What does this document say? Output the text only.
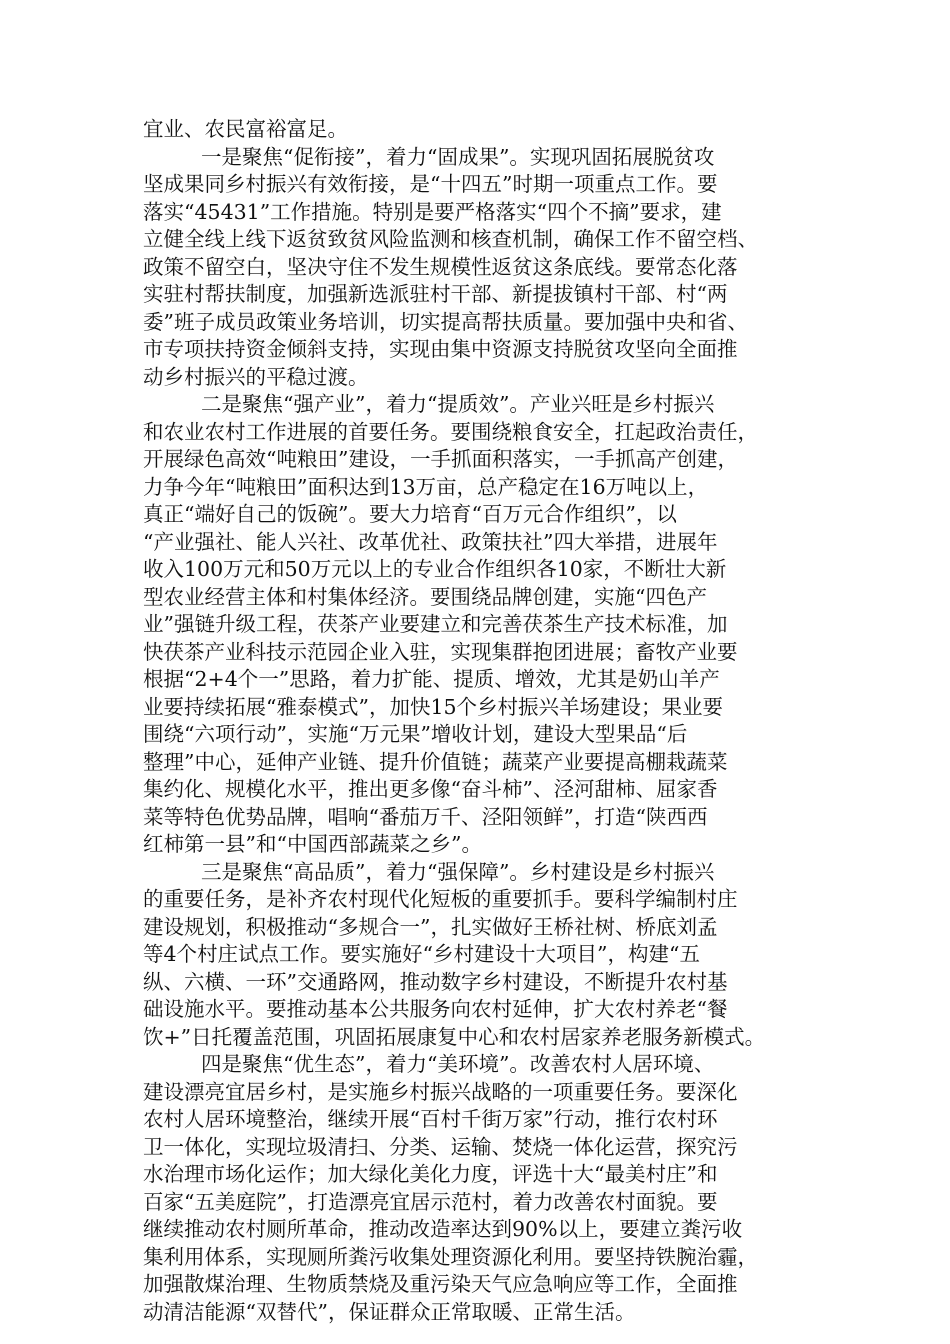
宜业、农民富裕富足。
一是聚焦“促衔接”，着力“固成果”。实现巩固拓展脱贫攻
坚成果同乡村振兴有效衔接，是“十四五”时期一项重点工作。要
落实“45431”工作措施。特别是要严格落实“四个不摘”要求，建
立健全线上线下返贫致贫风险监测和核查机制，确保工作不留空档、
政策不留空白，坚决守住不发生规模性返贫这条底线。要常态化落
实驻村帮扶制度，加强新选派驻村干部、新提拔镇村干部、村“两
委”班子成员政策业务培训，切实提高帮扶质量。要加强中央和省、
市专项扶持资金倾斜支持，实现由集中资源支持脱贫攻坚向全面推
动乡村振兴的平稳过渡。
二是聚焦“强产业”，着力“提质效”。产业兴旺是乡村振兴
和农业农村工作进展的首要任务。要围绕粮食安全，扛起政治责任，
开展绿色高效“吨粮田”建设，一手抓面积落实，一手抓高产创建，
力争今年“吨粮田”面积达到13万亩，总产稳定在16万吨以上，
真正“端好自己的饭碗”。要大力培育“百万元合作组织”，以
“产业强社、能人兴社、改革优社、政策扶社”四大举措，进展年
收入100万元和50万元以上的专业合作组织各10家，不断壮大新
型农业经营主体和村集体经济。要围绕品牌创建，实施“四色产
业”强链升级工程，茯茶产业要建立和完善茯茶生产技术标准，加
快茯茶产业科技示范园企业入驻，实现集群抱团进展；畜牧产业要
根据“2+4个一”思路，着力扩能、提质、增效，尤其是奶山羊产
业要持续拓展“雅泰模式”，加快15个乡村振兴羊场建设；果业要
围绕“六项行动”，实施“万元果”增收计划，建设大型果品“后
整理”中心，延伸产业链、提升价值链；蔬菜产业要提高棚栽蔬菜
集约化、规模化水平，推出更多像“奋斗柿”、泾河甜柿、屈家香
菜等特色优势品牌，唱响“番茄万千、泾阳领鲜”，打造“陕西西
红柿第一县”和“中国西部蔬菜之乡”。
三是聚焦“高品质”，着力“强保障”。乡村建设是乡村振兴
的重要任务，是补齐农村现代化短板的重要抓手。要科学编制村庄
建设规划，积极推动“多规合一”，扎实做好王桥社树、桥底刘孟
等4个村庄试点工作。要实施好“乡村建设十大项目”，构建“五
纵、六横、一环”交通路网，推动数字乡村建设，不断提升农村基
础设施水平。要推动基本公共服务向农村延伸，扩大农村养老“餐
饮+”日托覆盖范围，巩固拓展康复中心和农村居家养老服务新模式。
四是聚焦“优生态”，着力“美环境”。改善农村人居环境、
建设漂亮宜居乡村，是实施乡村振兴战略的一项重要任务。要深化
农村人居环境整治，继续开展“百村千街万家”行动，推行农村环
卫一体化，实现垃圾清扫、分类、运输、焚烧一体化运营，探究污
水治理市场化运作；加大绿化美化力度，评选十大“最美村庄”和
百家“五美庭院”，打造漂亮宜居示范村，着力改善农村面貌。要
继续推动农村厕所革命，推动改造率达到90%以上，要建立粪污收
集利用体系，实现厕所粪污收集处理资源化利用。要坚持铁腕治霾，
加强散煤治理、生物质禁烧及重污染天气应急响应等工作，全面推
动清洁能源“双替代”，保证群众正常取暖、正常生活。
